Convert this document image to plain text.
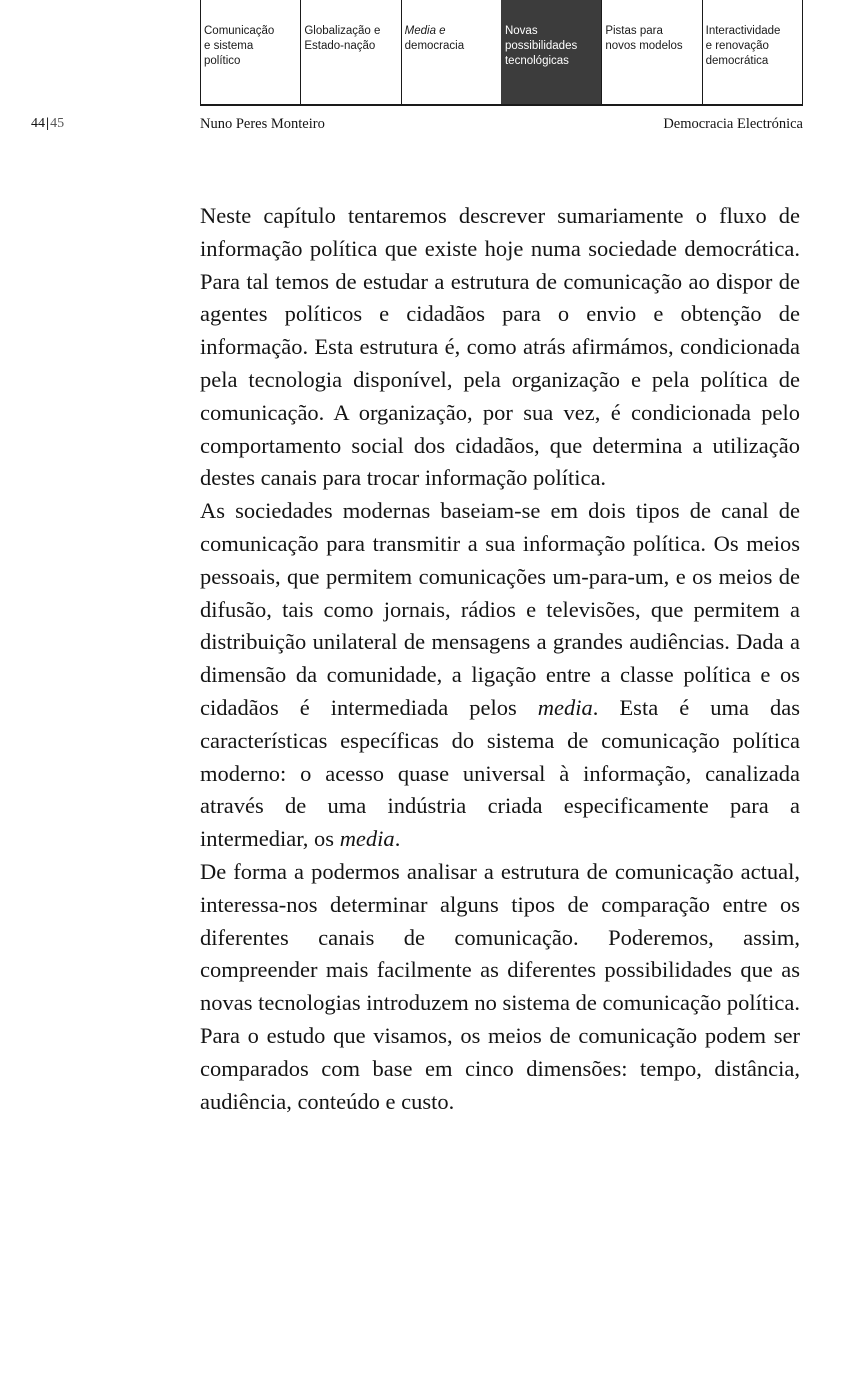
Comunicação
e sistema
político
Globalização e
Estado-nação
Media e
democracia
Novas
possibilidades
tecnológicas
Pistas para
novos modelos
Interactividade
e renovação
democrática
44|45	Nuno Peres Monteiro	Democracia Electrónica

Neste capítulo tentaremos descrever sumariamente o fluxo de informação política que existe hoje numa sociedade democrática. Para tal temos de estudar a estrutura de comunicação ao dispor de agentes políticos e cidadãos para o envio e obtenção de informação. Esta estrutura é, como atrás afirmámos, condicionada pela tecnologia disponível, pela organização e pela política de comunicação. A organização, por sua vez, é condicionada pelo comportamento social dos cidadãos, que determina a utilização destes canais para trocar informação política.

As sociedades modernas baseiam-se em dois tipos de canal de comunicação para transmitir a sua informação política. Os meios pessoais, que permitem comunicações um-para-um, e os meios de difusão, tais como jornais, rádios e televisões, que permitem a distribuição unilateral de mensagens a grandes audiências. Dada a dimensão da comunidade, a ligação entre a classe política e os cidadãos é intermediada pelos media. Esta é uma das características específicas do sistema de comunicação política moderno: o acesso quase universal à informação, canalizada através de uma indústria criada especificamente para a intermediar, os media.

De forma a podermos analisar a estrutura de comunicação actual, interessa-nos determinar alguns tipos de comparação entre os diferentes canais de comunicação. Poderemos, assim, compreender mais facilmente as diferentes possibilidades que as novas tecnologias introduzem no sistema de comunicação política. Para o estudo que visamos, os meios de comunicação podem ser comparados com base em cinco dimensões: tempo, distância, audiência, conteúdo e custo.
